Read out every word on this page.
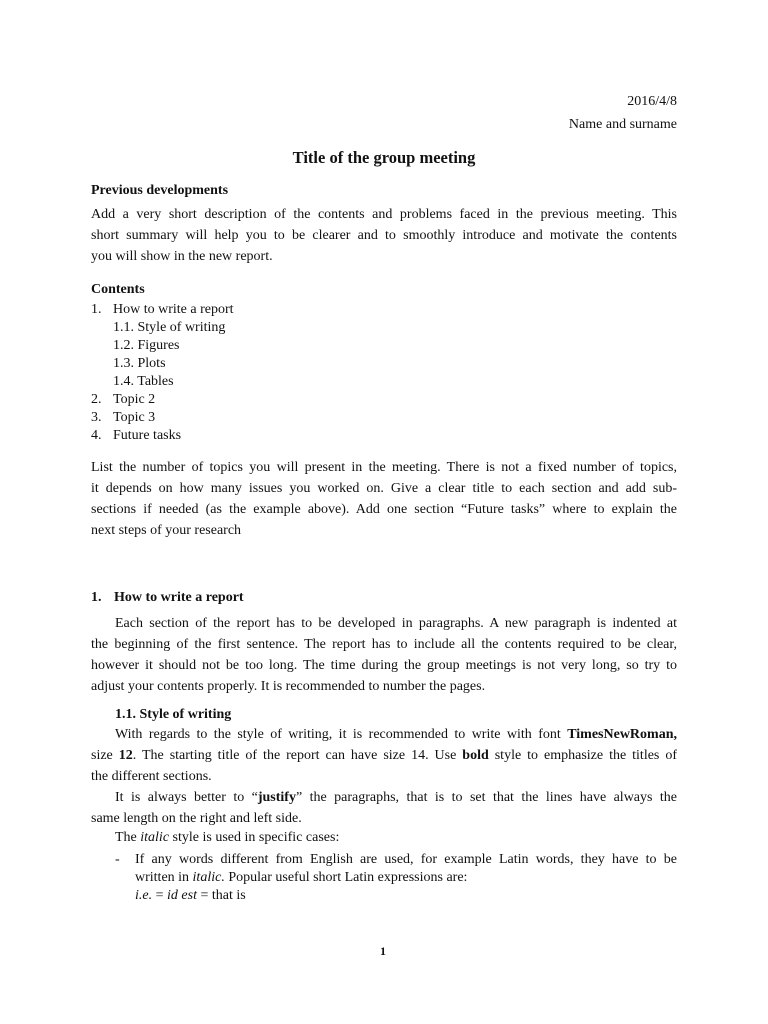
2016/4/8
Name and surname
Title of the group meeting
Previous developments
Add a very short description of the contents and problems faced in the previous meeting. This
short summary will help you to be clearer and to smoothly introduce and motivate the contents
you will show in the new report.
Contents
1. How to write a report
1.1. Style of writing
1.2. Figures
1.3. Plots
1.4. Tables
2. Topic 2
3. Topic 3
4. Future tasks
List the number of topics you will present in the meeting. There is not a fixed number of topics,
it depends on how many issues you worked on. Give a clear title to each section and add sub-
sections if needed (as the example above). Add one section “Future tasks” where to explain the
next steps of your research
1. How to write a report
Each section of the report has to be developed in paragraphs. A new paragraph is indented at
the beginning of the first sentence. The report has to include all the contents required to be clear,
however it should not be too long. The time during the group meetings is not very long, so try to
adjust your contents properly. It is recommended to number the pages.
1.1. Style of writing
With regards to the style of writing, it is recommended to write with font TimesNewRoman,
size 12. The starting title of the report can have size 14. Use bold style to emphasize the titles of
the different sections.
It is always better to “justify” the paragraphs, that is to set that the lines have always the
same length on the right and left side.
The italic style is used in specific cases:
- If any words different from English are used, for example Latin words, they have to be
written in italic. Popular useful short Latin expressions are:
i.e. = id est = that is
1
